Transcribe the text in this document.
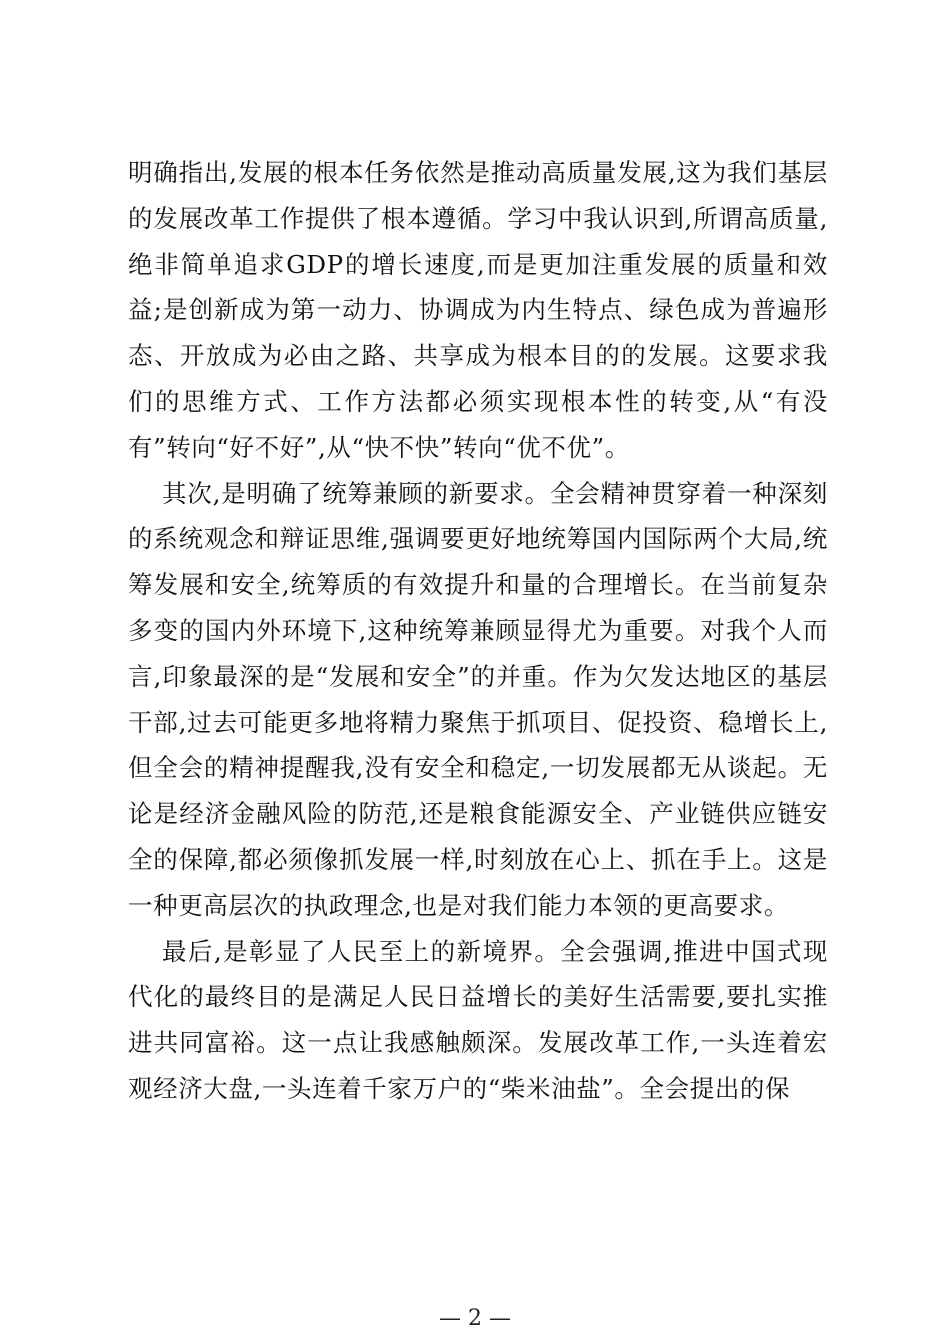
明确指出,发展的根本任务依然是推动高质量发展,这为我们基层的发展改革工作提供了根本遵循。学习中我认识到,所谓高质量,绝非简单追求GDP的增长速度,而是更加注重发展的质量和效益;是创新成为第一动力、协调成为内生特点、绿色成为普遍形态、开放成为必由之路、共享成为根本目的的发展。这要求我们的思维方式、工作方法都必须实现根本性的转变,从“有没有”转向“好不好”,从“快不快”转向“优不优”。

其次,是明确了统筹兼顾的新要求。全会精神贯穿着一种深刻的系统观念和辩证思维,强调要更好地统筹国内国际两个大局,统筹发展和安全,统筹质的有效提升和量的合理增长。在当前复杂多变的国内外环境下,这种统筹兼顾显得尤为重要。对我个人而言,印象最深的是“发展和安全”的并重。作为欠发达地区的基层干部,过去可能更多地将精力聚焦于抓项目、促投资、稳增长上,但全会的精神提醒我,没有安全和稳定,一切发展都无从谈起。无论是经济金融风险的防范,还是粮食能源安全、产业链供应链安全的保障,都必须像抓发展一样,时刻放在心上、抓在手上。这是一种更高层次的执政理念,也是对我们能力本领的更高要求。

最后,是彰显了人民至上的新境界。全会强调,推进中国式现代化的最终目的是满足人民日益增长的美好生活需要,要扎实推进共同富裕。这一点让我感触颇深。发展改革工作,一头连着宏观经济大盘,一头连着千家万户的“柴米油盐”。全会提出的保

— 2 —
